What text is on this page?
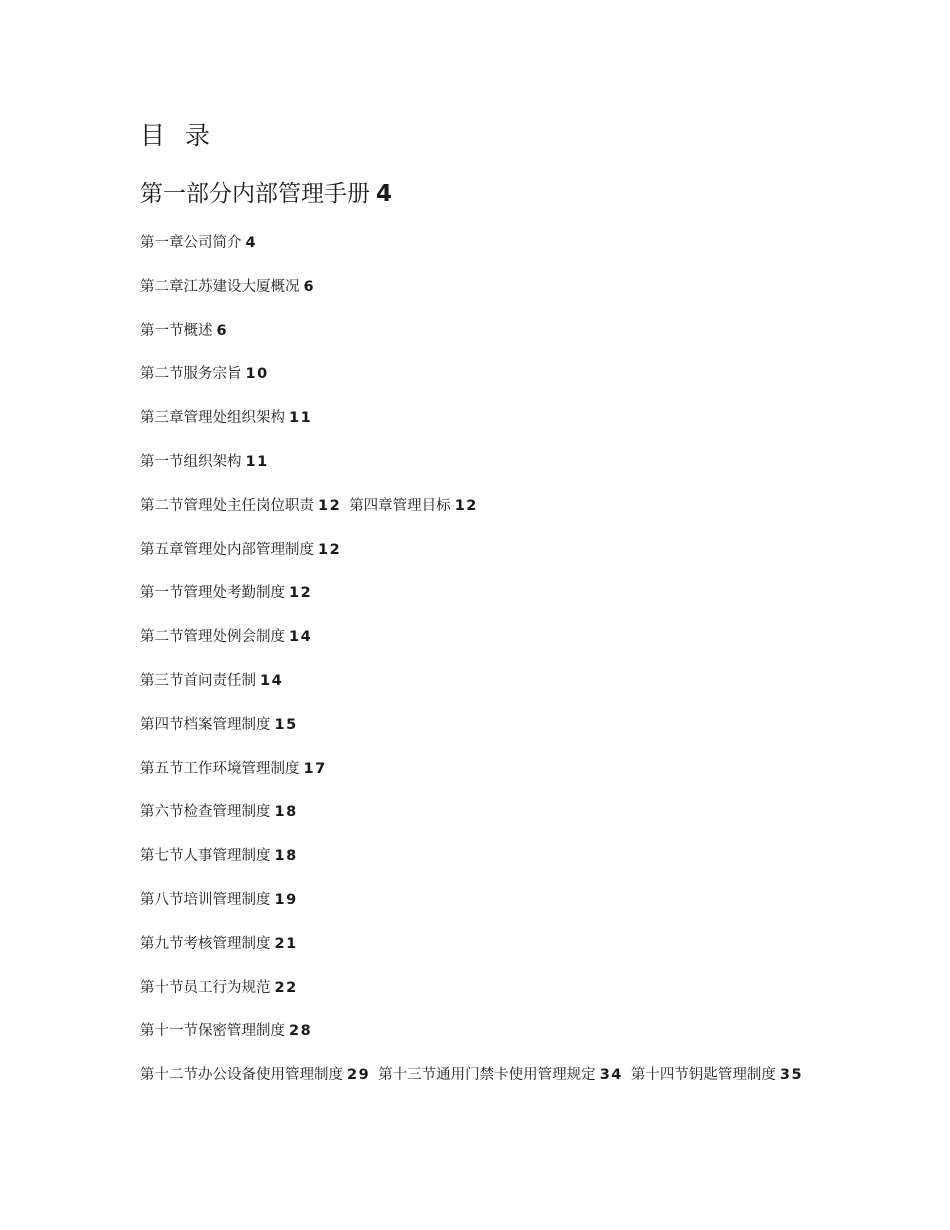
目 录
第一部分内部管理手册 4
第一章公司简介 4
第二章江苏建设大厦概况 6
第一节概述 6
第二节服务宗旨 10
第三章管理处组织架构 11
第一节组织架构 11
第二节管理处主任岗位职责 12 第四章管理目标 12
第五章管理处内部管理制度 12
第一节管理处考勤制度 12
第二节管理处例会制度 14
第三节首问责任制 14
第四节档案管理制度 15
第五节工作环境管理制度 17
第六节检查管理制度 18
第七节人事管理制度 18
第八节培训管理制度 19
第九节考核管理制度 21
第十节员工行为规范 22
第十一节保密管理制度 28
第十二节办公设备使用管理制度 29 第十三节通用门禁卡使用管理规定 34 第十四节钥匙管理制度 35
